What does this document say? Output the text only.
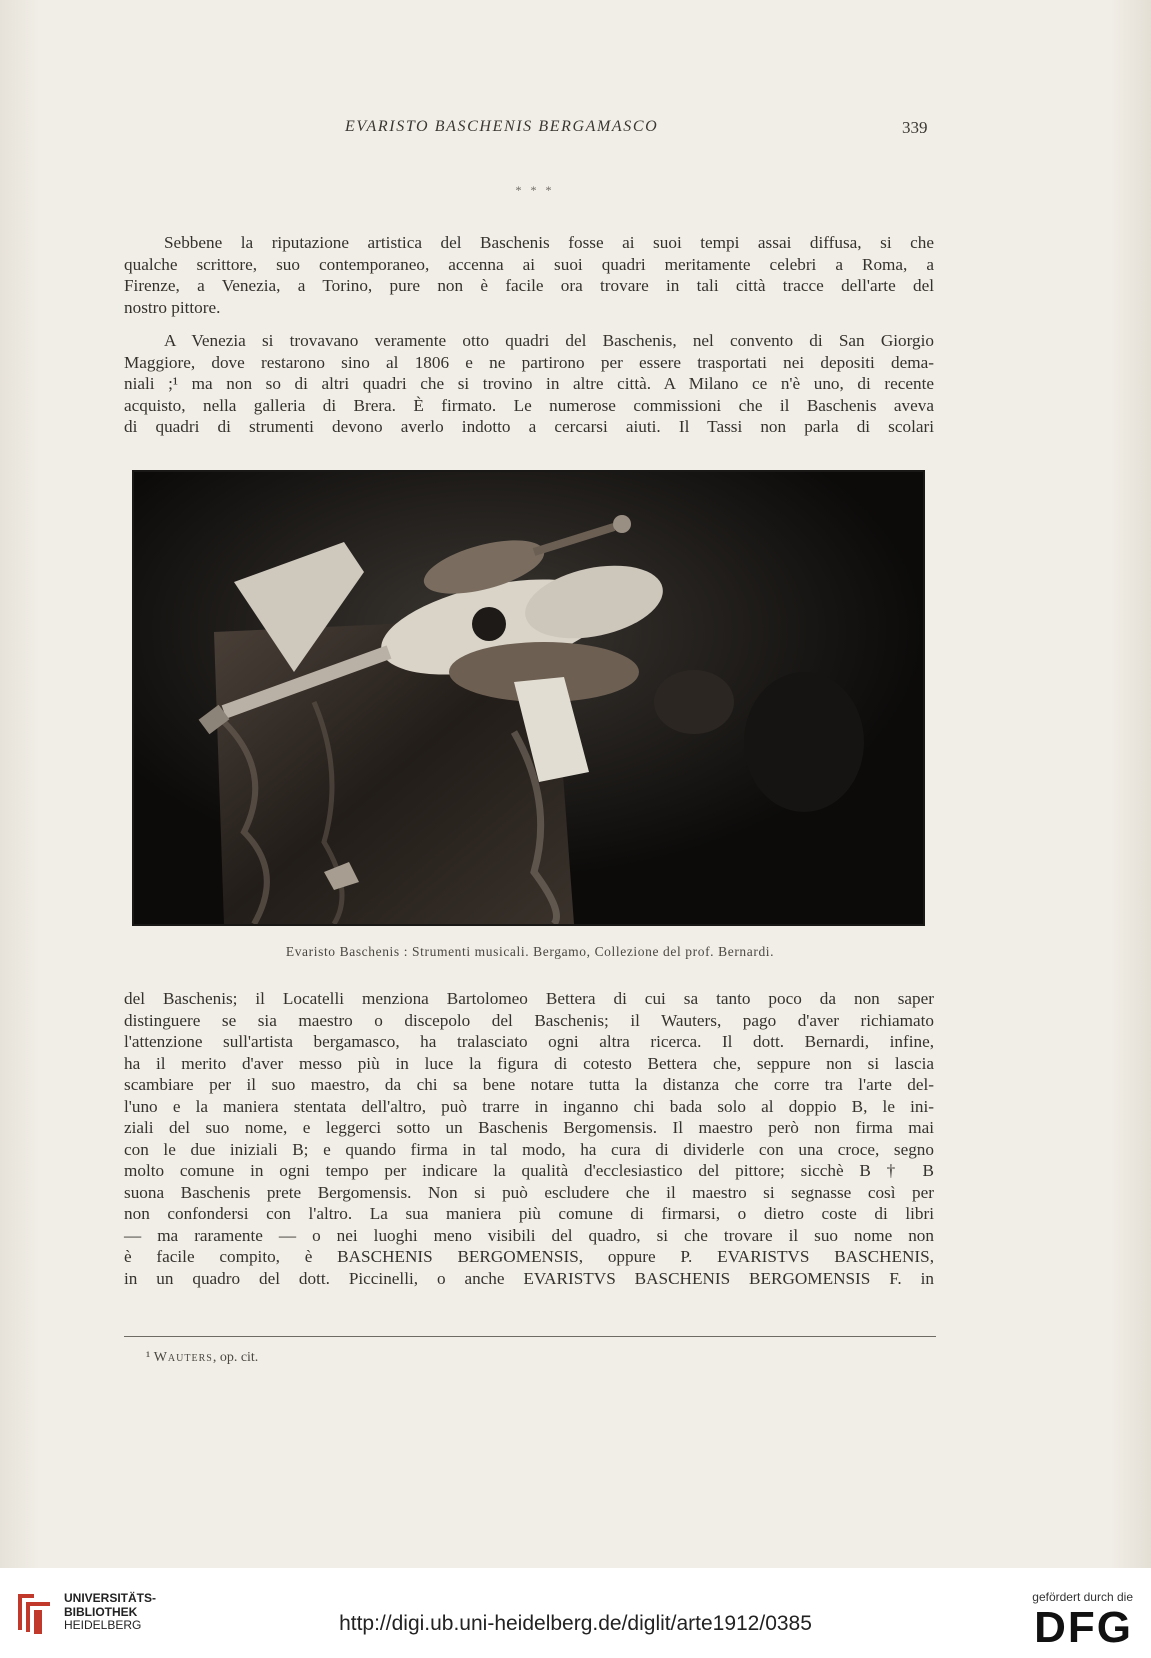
EVARISTO BASCHENIS BERGAMASCO	339
* * *
Sebbene la riputazione artistica del Baschenis fosse ai suoi tempi assai diffusa, si che
qualche scrittore, suo contemporaneo, accenna ai suoi quadri meritamente celebri a Roma, a
Firenze, a Venezia, a Torino, pure non è facile ora trovare in tali città tracce dell'arte del
nostro pittore.
A Venezia si trovavano veramente otto quadri del Baschenis, nel convento di San Giorgio
Maggiore, dove restarono sino al 1806 e ne partirono per essere trasportati nei depositi dema-
niali ;¹ ma non so di altri quadri che si trovino in altre città. A Milano ce n'è uno, di recente
acquisto, nella galleria di Brera. È firmato. Le numerose commissioni che il Baschenis aveva
di quadri di strumenti devono averlo indotto a cercarsi aiuti. Il Tassi non parla di scolari
Evaristo Baschenis : Strumenti musicali. Bergamo, Collezione del prof. Bernardi.
del Baschenis; il Locatelli menziona Bartolomeo Bettera di cui sa tanto poco da non saper
distinguere se sia maestro o discepolo del Baschenis; il Wauters, pago d'aver richiamato
l'attenzione sull'artista bergamasco, ha tralasciato ogni altra ricerca. Il dott. Bernardi, infine,
ha il merito d'aver messo più in luce la figura di cotesto Bettera che, seppure non si lascia
scambiare per il suo maestro, da chi sa bene notare tutta la distanza che corre tra l'arte del-
l'uno e la maniera stentata dell'altro, può trarre in inganno chi bada solo al doppio B, le ini-
ziali del suo nome, e leggerci sotto un Baschenis Bergomensis. Il maestro però non firma mai
con le due iniziali B; e quando firma in tal modo, ha cura di dividerle con una croce, segno
molto comune in ogni tempo per indicare la qualità d'ecclesiastico del pittore; sicchè B † B
suona Baschenis prete Bergomensis. Non si può escludere che il maestro si segnasse così per
non confondersi con l'altro. La sua maniera più comune di firmarsi, o dietro coste di libri
— ma raramente — o nei luoghi meno visibili del quadro, si che trovare il suo nome non
è facile compito, è BASCHENIS BERGOMENSIS, oppure P. EVARISTVS BASCHENIS,
in un quadro del dott. Piccinelli, o anche EVARISTVS BASCHENIS BERGOMENSIS F. in
¹ Wauters, op. cit.
UNIVERSITÄTS-
BIBLIOTHEK
HEIDELBERG	http://digi.ub.uni-heidelberg.de/diglit/arte1912/0385
gefördert durch die
DFG
